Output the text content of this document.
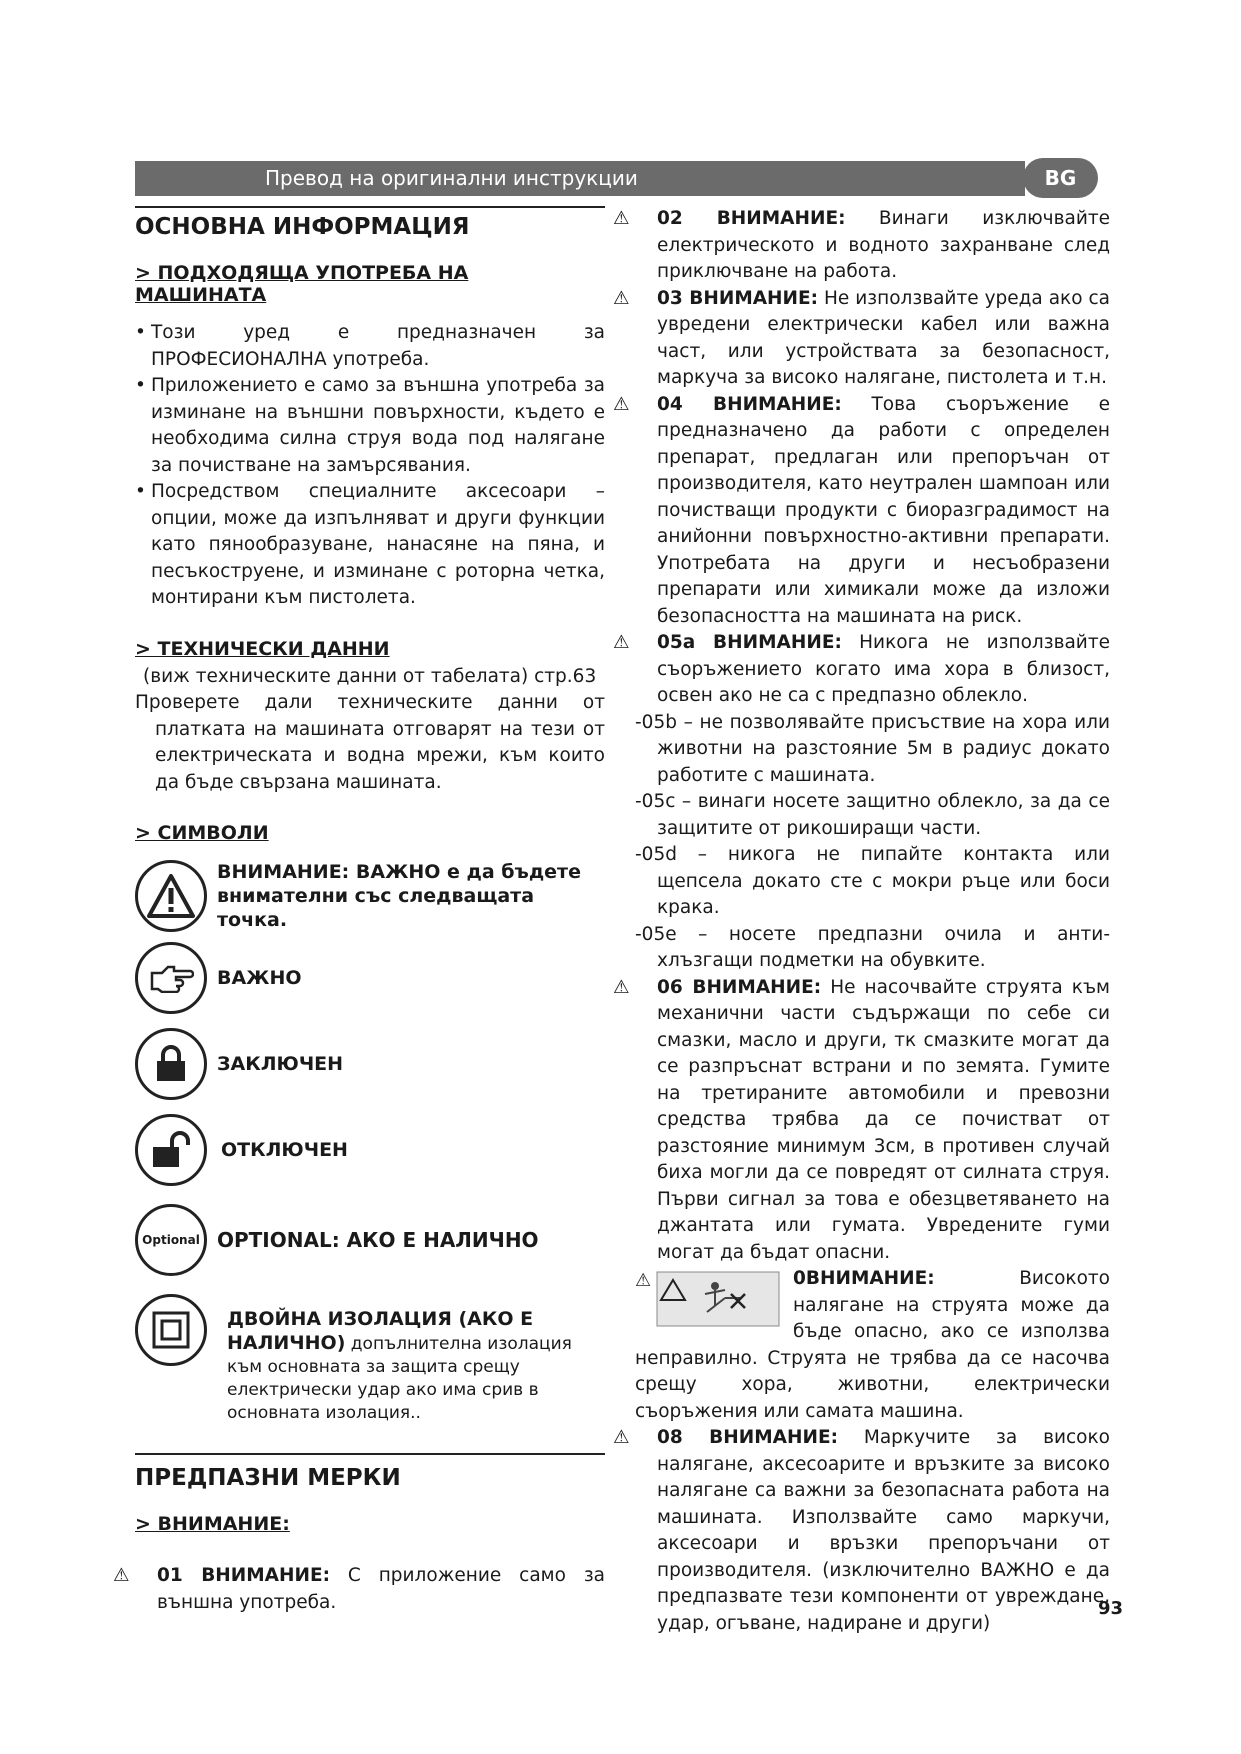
Превод на оригинални инструкции	BG
ОСНОВНА ИНФОРМАЦИЯ
> ПОДХОДЯЩА УПОТРЕБА НА МАШИНАТА
• Този уред е предназначен за ПРОФЕСИОНАЛНА употреба.
• Приложението е само за външна употреба за изминане на външни повърхности, където е необходима силна струя вода под налягане за почистване на замърсявания.
• Посредством специалните аксесоари – опции, може да изпълняват и други функции като пянообразуване, нанасяне на пяна, и песъкоструене, и изминане с роторна четка, монтирани към пистолета.
> ТЕХНИЧЕСКИ ДАННИ

(виж техническите данни от табелата) стр.63

Проверете дали техническите данни от платката на машината отговарят на тези от електрическата и водна мрежи, към които да бъде свързана машината.

> СИМВОЛИ
ВНИМАНИЕ: ВАЖНО е да бъдете внимателни със следващата точка.
ВАЖНО
ЗАКЛЮЧЕН
ОТКЛЮЧЕН
Optional OPTIONAL: АКО Е НАЛИЧНО
ДВОЙНА ИЗОЛАЦИЯ (АКО Е НАЛИЧНО) допълнителна изолация към основната за защита срещу електрически удар ако има срив в основната изолация..
ПРЕДПАЗНИ МЕРКИ
> ВНИМАНИЕ:

⚠ 01 ВНИМАНИЕ: С приложение само за външна употреба.

⚠ 02 ВНИМАНИЕ: Винаги изключвайте електрическото и водното захранване след приключване на работа.

⚠ 03 ВНИМАНИЕ: Не използвайте уреда ако са увредени електрически кабел или важна част, или устройствата за безопасност, маркуча за високо налягане, пистолета и т.н.

⚠ 04 ВНИМАНИЕ: Това съоръжение е предназначено да работи с определен препарат, предлаган или препоръчан от производителя, като неутрален шампоан или почистващи продукти с биоразградимост на анийонни повърхностно-активни препарати. Употребата на други и несъобразени препарати или химикали може да изложи безопасността на машината на риск.

⚠ 05a ВНИМАНИЕ: Никога не използвайте съоръжението когато има хора в близост, освен ако не са с предпазно облекло.

-05b – не позволявайте присъствие на хора или животни на разстояние 5м в радиус докато работите с машината.

-05c – винаги носете защитно облекло, за да се защитите от рикоширащи части.

-05d – никога не пипайте контакта или щепсела докато сте с мокри ръце или боси крака.

-05e – носете предпазни очила и анти-хлъзгащи подметки на обувките.

⚠ 06 ВНИМАНИЕ: Не насочвайте струята към механични части съдържащи по себе си смазки, масло и други, тк смазките могат да се разпръснат встрани и по земята. Гумите на третираните автомобили и превозни средства трябва да се почистват от разстояние минимум 3см, в противен случай биха могли да се повредят от силната струя. Първи сигнал за това е обезцветяването на джантата или гумата. Увредените гуми могат да бъдат опасни.

⚠	0ВНИМАНИЕ:	Високото налягане на струята може да бъде опасно, ако се използва неправилно. Струята не трябва да се насочва срещу хора, животни, електрически съоръжения или самата машина.

⚠ 08 ВНИМАНИЕ: Маркучите за високо налягане, аксесоарите и връзките за високо налягане са важни за безопасната работа на машината. Използвайте само маркучи, аксесоари и връзки препоръчани от производителя. (изключително ВАЖНО е да предпазвате тези компоненти от увреждане, удар, огъване, надиране и други)

93
